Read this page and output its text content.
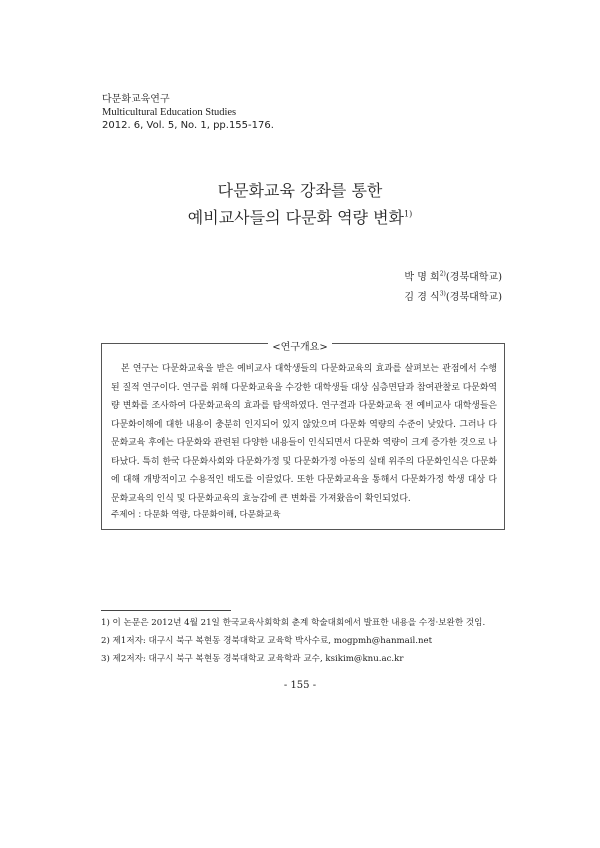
다문화교육연구
Multicultural Education Studies
2012. 6, Vol. 5, No. 1, pp.155-176.
다문화교육 강좌를 통한
예비교사들의 다문화 역량 변화$^{1)}$
박 명 희$^{2)}$(경북대학교)
김 경 식$^{3)}$(경북대학교)
<연구개요>
본 연구는 다문화교육을 받은 예비교사 대학생들의 다문화교육의 효과를 살펴보는 관점에서 수행된 질적 연구이다. 연구를 위해 다문화교육을 수강한 대학생들 대상 심층면담과 참여관찰로 다문화역량 변화를 조사하여 다문화교육의 효과를 탐색하였다. 연구결과 다문화교육 전 예비교사 대학생들은 다문화이해에 대한 내용이 충분히 인지되어 있지 않았으며 다문화 역량의 수준이 낮았다. 그러나 다문화교육 후에는 다문화와 관련된 다양한 내용들이 인식되면서 다문화 역량이 크게 증가한 것으로 나타났다. 특히 한국 다문화사회와 다문화가정 및 다문화가정 아동의 실태 위주의 다문화인식은 다문화에 대해 개방적이고 수용적인 태도를 이끌었다. 또한 다문화교육을 통해서 다문화가정 학생 대상 다문화교육의 인식 및 다문화교육의 효능감에 큰 변화를 가져왔음이 확인되었다.
주제어 : 다문화 역량, 다문화이해, 다문화교육
1) 이 논문은 2012년 4월 21일 한국교육사회학회 춘계 학술대회에서 발표한 내용을 수정·보완한 것임.
2) 제1저자: 대구시 북구 복현동 경북대학교 교육학 박사수료, mogpmh@hanmail.net
3) 제2저자: 대구시 북구 복현동 경북대학교 교육학과 교수, ksikim@knu.ac.kr
- 155 -
